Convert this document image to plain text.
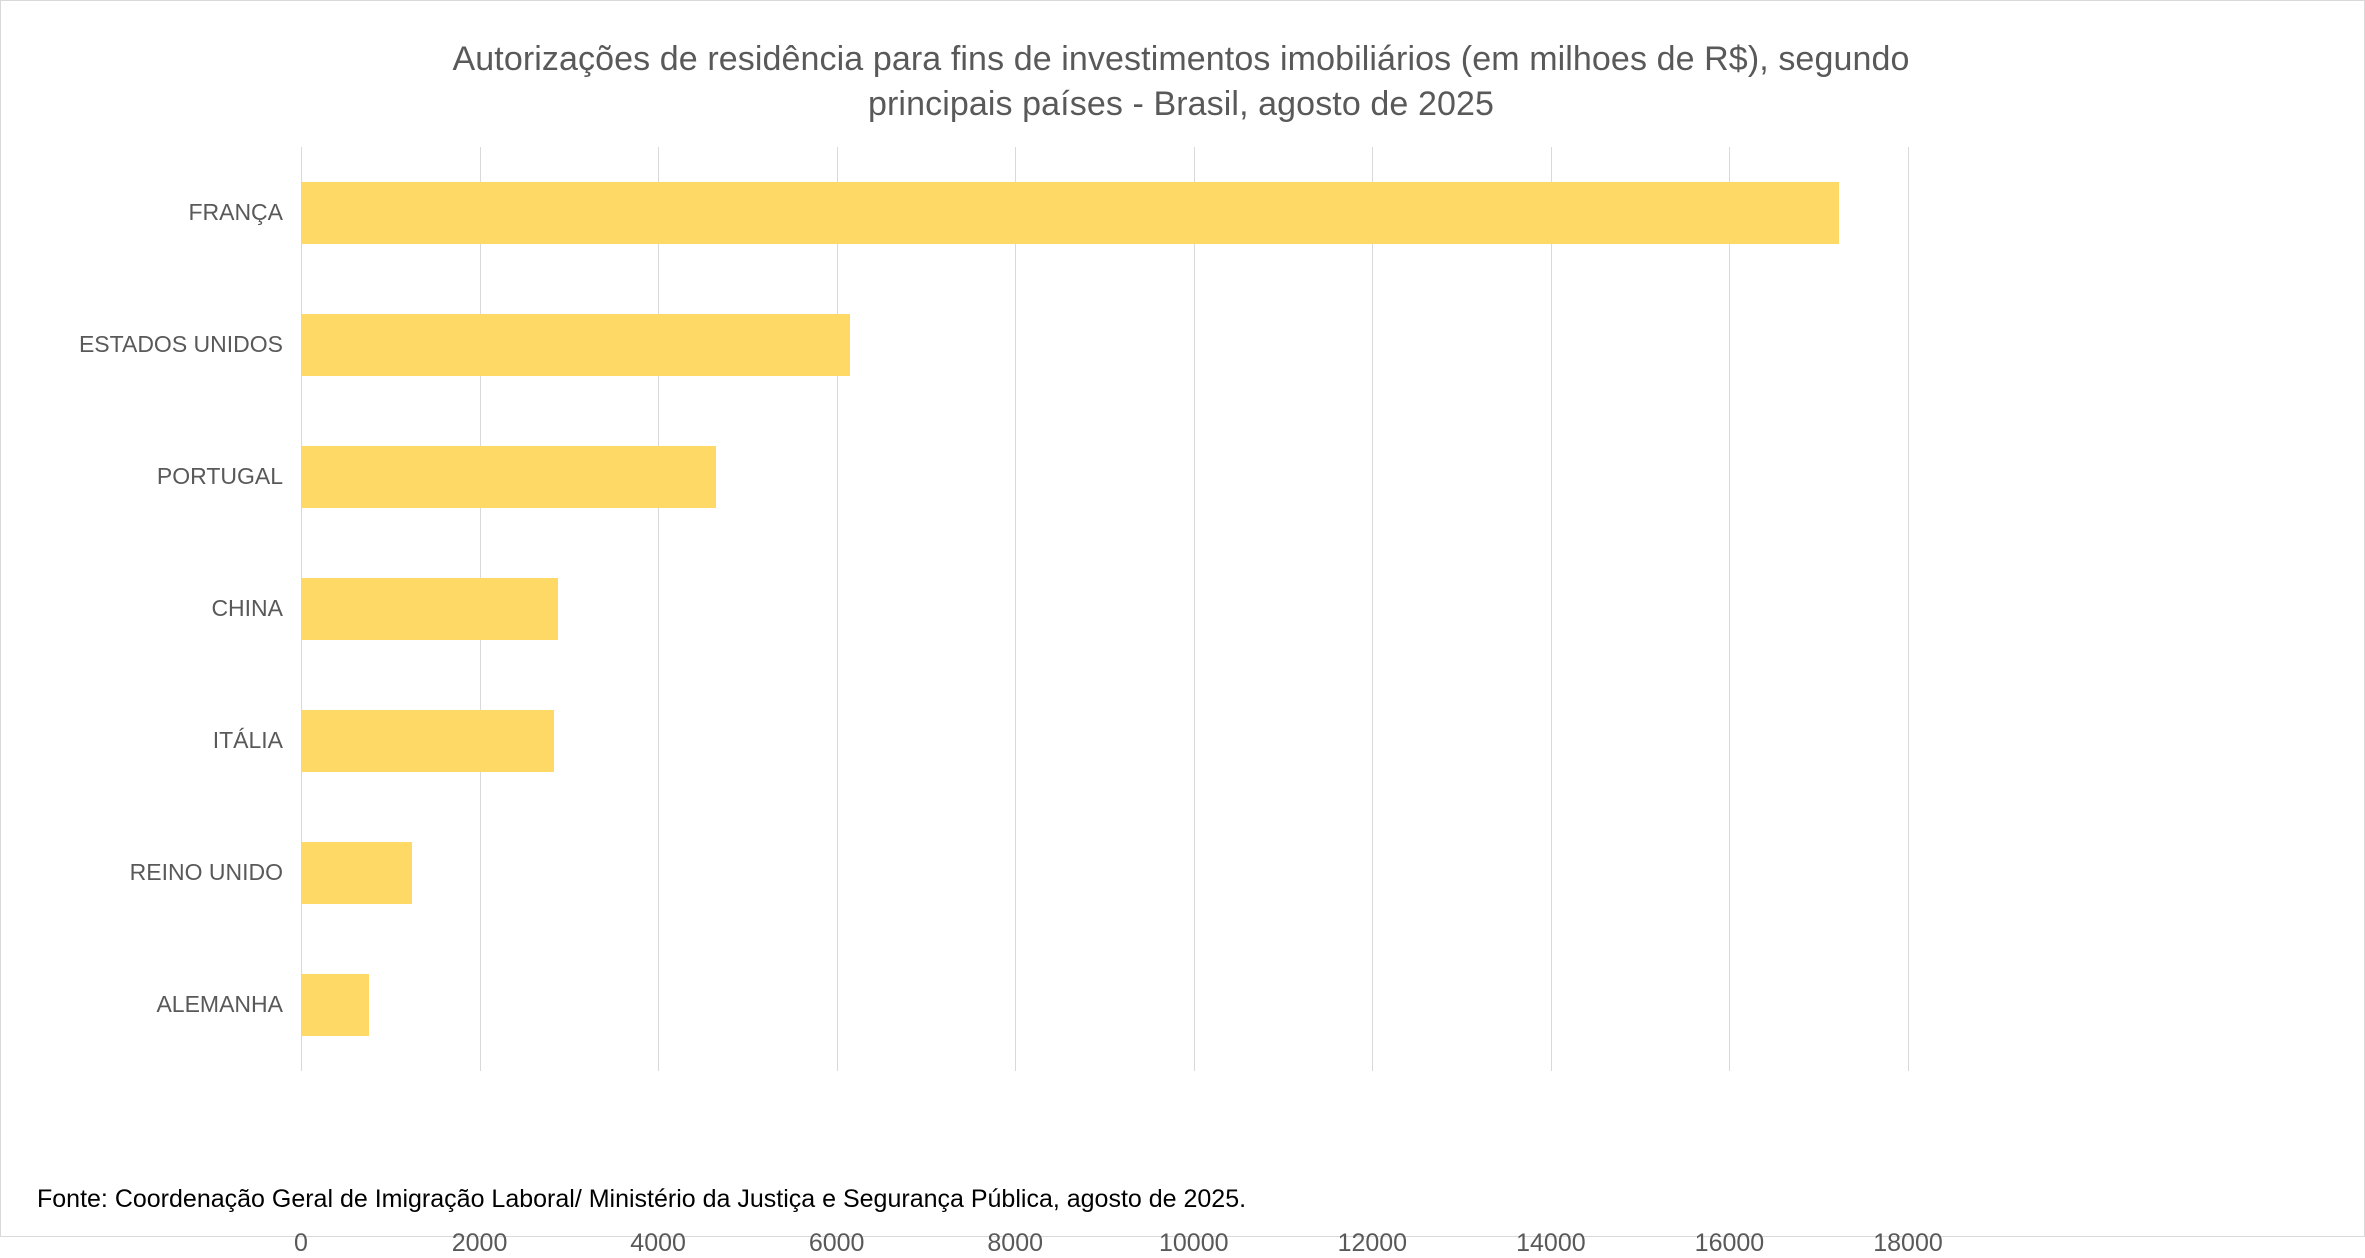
Autorizações de residência para fins de investimentos imobiliários (em milhoes de R$), segundo
principais países - Brasil, agosto de 2025
0	2000	4000	6000	8000	10000	12000	14000	16000	18000
FRANÇA
ESTADOS UNIDOS
PORTUGAL
CHINA
ITÁLIA
REINO UNIDO
ALEMANHA
Fonte: Coordenação Geral de Imigração Laboral/ Ministério da Justiça e Segurança Pública, agosto de 2025.
